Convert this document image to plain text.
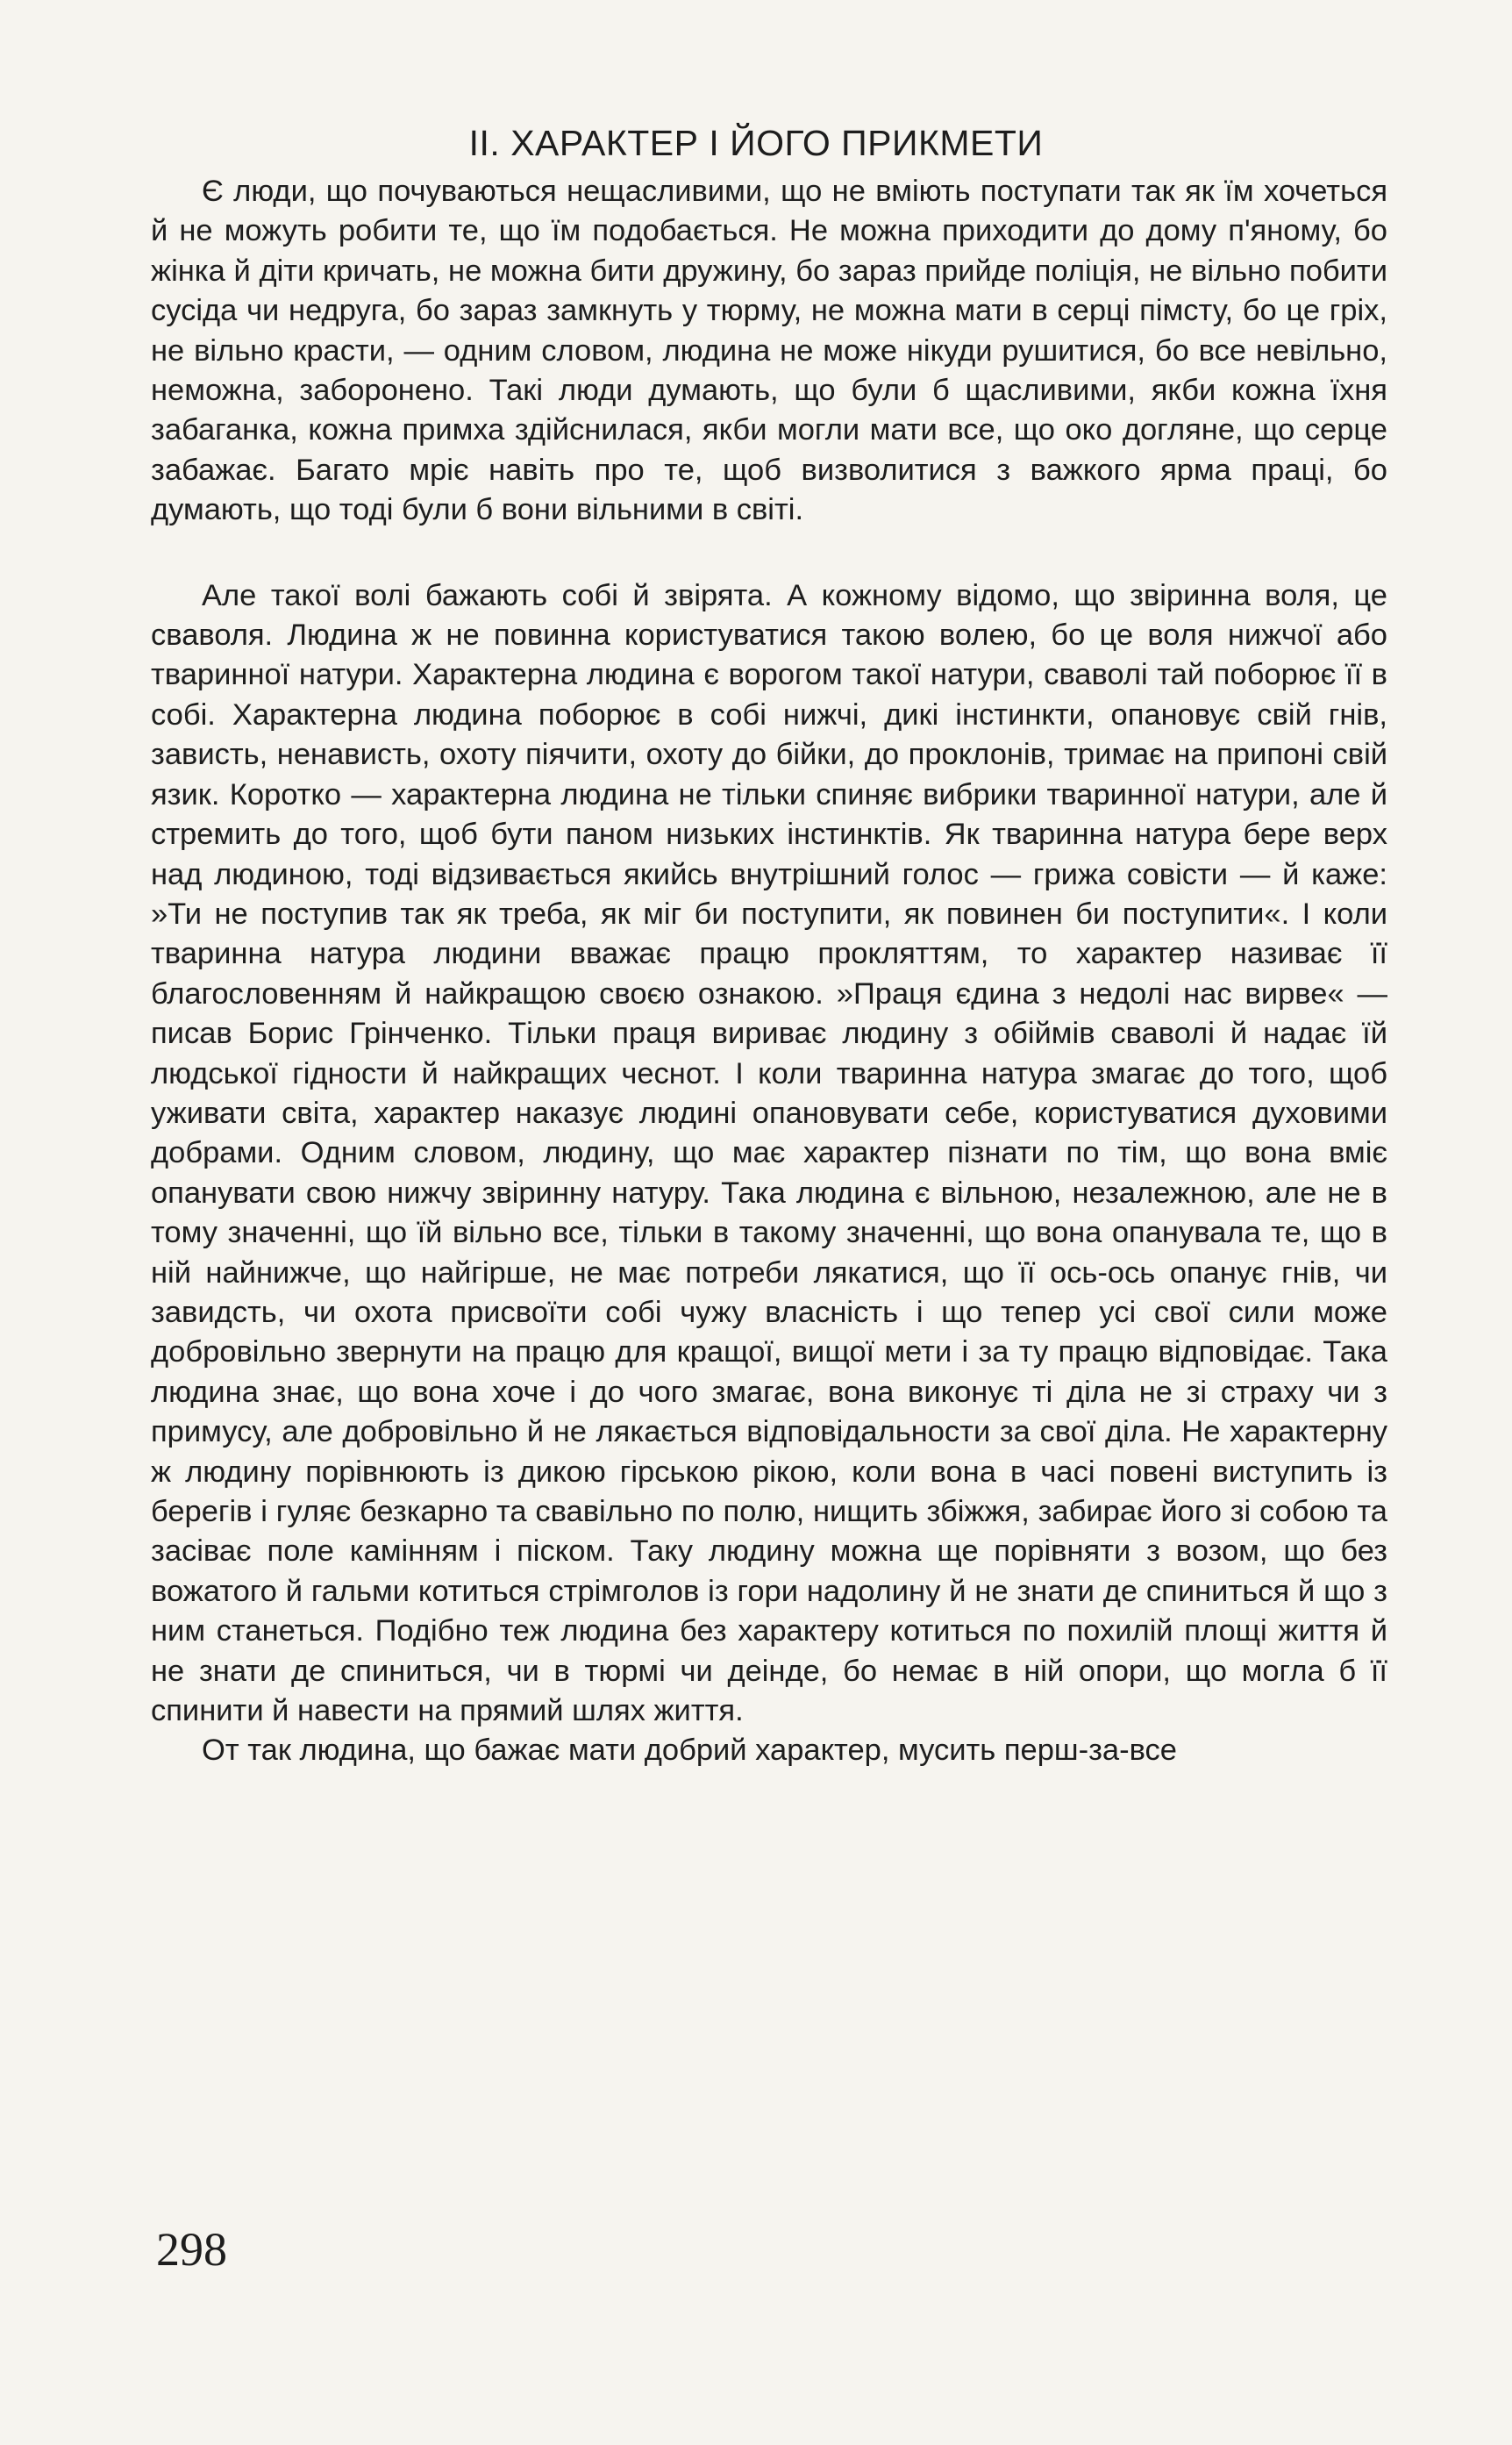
ІІ. ХАРАКТЕР І ЙОГО ПРИКМЕТИ

Є люди, що почуваються нещасливими, що не вміють поступати так як їм хочеться й не можуть робити те, що їм подобається. Не можна приходити до дому п'яному, бо жінка й діти кричать, не можна бити дружину, бо зараз прийде поліція, не вільно побити сусіда чи недруга, бо зараз замкнуть у тюрму, не можна мати в серці пімсту, бо це гріх, не вільно красти, — одним словом, людина не може нікуди рушитися, бо все невільно, неможна, заборонено. Такі люди думають, що були б щасливими, якби кожна їхня забаганка, кожна примха здійснилася, якби могли мати все, що око догляне, що серце забажає. Багато мріє навіть про те, щоб визволитися з важкого ярма праці, бо думають, що тоді були б вони вільними в світі.

Але такої волі бажають собі й звірята. А кожному відомо, що звіринна воля, це сваволя. Людина ж не повинна користуватися такою волею, бо це воля нижчої або тваринної натури. Характерна людина є ворогом такої натури, сваволі тай поборює її в собі. Характерна людина поборює в собі нижчі, дикі інстинкти, опановує свій гнів, зависть, ненависть, охоту піячити, охоту до бійки, до проклонів, тримає на припоні свій язик. Коротко — характерна людина не тільки спиняє вибрики тваринної натури, але й стремить до того, щоб бути паном низьких інстинктів. Як тваринна натура бере верх над людиною, тоді відзивається якийсь внутрішний голос — грижа совісти — й каже: »Ти не поступив так як треба, як міг би поступити, як повинен би поступити«. І коли тваринна натура людини вважає працю прокляттям, то характер називає її благословенням й найкращою своєю ознакою. »Праця єдина з недолі нас вирве« — писав Борис Грінченко. Тільки праця вириває людину з обіймів сваволі й надає їй людської гідности й найкращих чеснот. І коли тваринна натура змагає до того, щоб уживати світа, характер наказує людині опановувати себе, користуватися духовими добрами. Одним словом, людину, що має характер пізнати по тім, що вона вміє опанувати свою нижчу звіринну натуру. Така людина є вільною, незалежною, але не в тому значенні, що їй вільно все, тільки в такому значенні, що вона опанувала те, що в ній найнижче, що найгірше, не має потреби лякатися, що її ось-ось опанує гнів, чи завидсть, чи охота присвоїти собі чужу власність і що тепер усі свої сили може добровільно звернути на працю для кращої, вищої мети і за ту працю відповідає. Така людина знає, що вона хоче і до чого змагає, вона виконує ті діла не зі страху чи з примусу, але добровільно й не лякається відповідальности за свої діла. Не характерну ж людину порівнюють із дикою гірською рікою, коли вона в часі повені виступить із берегів і гуляє безкарно та свавільно по полю, нищить збіжжя, забирає його зі собою та засіває поле камінням і піском. Таку людину можна ще порівняти з возом, що без вожатого й гальми котиться стрімголов із гори надолину й не знати де спиниться й що з ним станеться. Подібно теж людина без характеру котиться по похилій площі життя й не знати де спиниться, чи в тюрмі чи деінде, бо немає в ній опори, що могла б її спинити й навести на прямий шлях життя.

От так людина, що бажає мати добрий характер, мусить перш-за-все

298
